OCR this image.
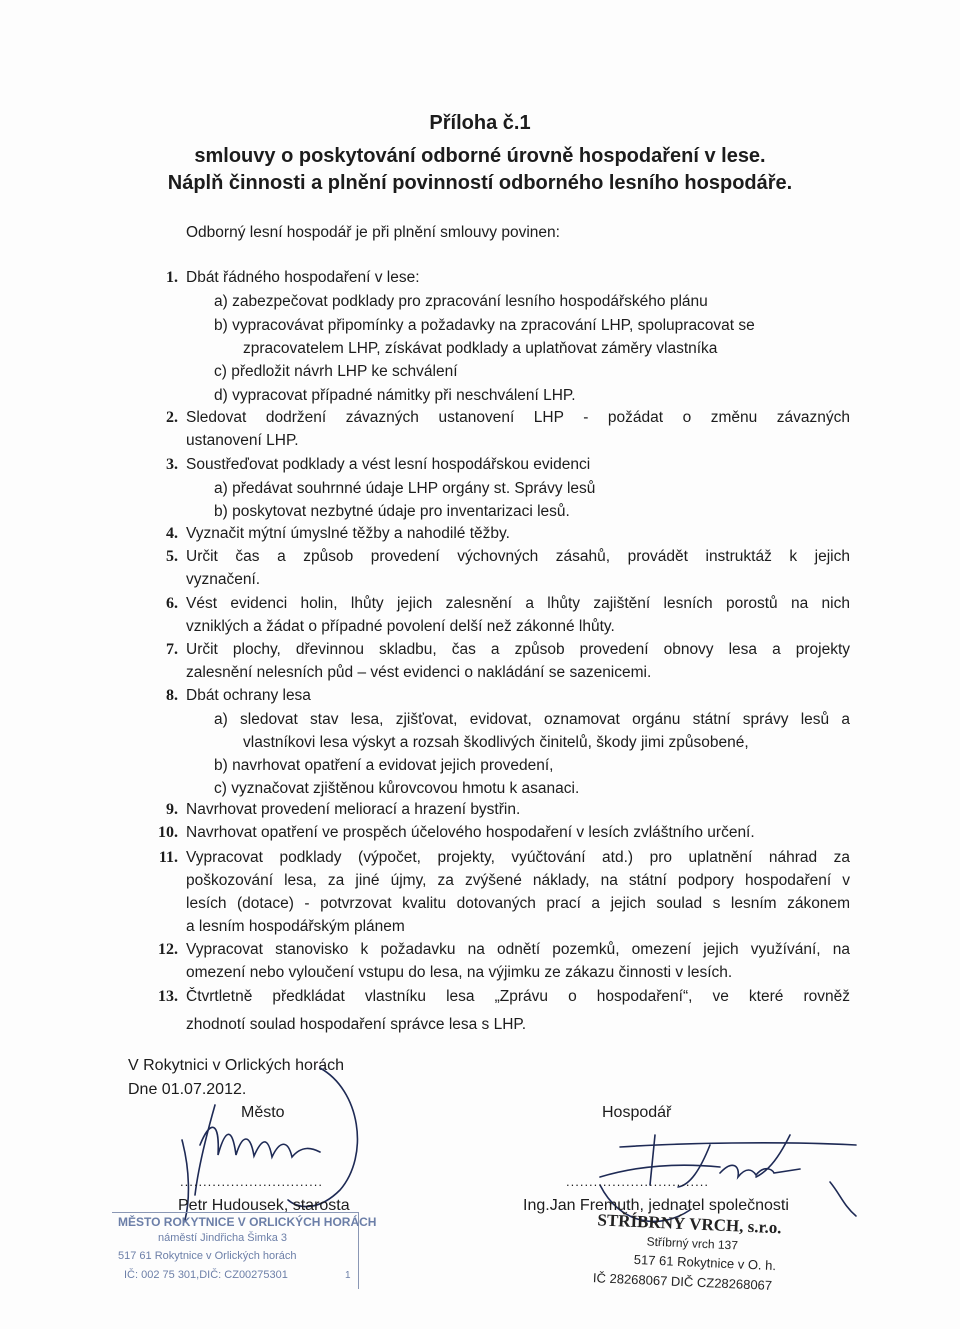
Příloha č.1
smlouvy o poskytování odborné úrovně hospodaření v lese.
Náplň činnosti a plnění povinností odborného lesního hospodáře.
Odborný lesní hospodář je při plnění smlouvy povinen:
1. Dbát řádného hospodaření v lese:
a) zabezpečovat podklady pro zpracování lesního hospodářského plánu
b) vypracovávat připomínky a požadavky na zpracování LHP, spolupracovat se
zpracovatelem LHP, získávat podklady a uplatňovat záměry vlastníka
c) předložit návrh LHP ke schválení
d) vypracovat případné námitky při neschválení LHP.
2. Sledovat dodržení závazných ustanovení LHP - požádat o změnu závazných
ustanovení LHP.
3. Soustřeďovat podklady a vést lesní hospodářskou evidenci
a) předávat souhrnné údaje LHP orgány st. Správy lesů
b) poskytovat nezbytné údaje pro inventarizaci lesů.
4. Vyznačit mýtní úmyslné těžby a nahodilé těžby.
5. Určit čas a způsob provedení výchovných zásahů, provádět instruktáž k jejich
vyznačení.
6. Vést evidenci holin, lhůty jejich zalesnění a lhůty zajištění lesních porostů na nich
vzniklých a žádat o případné povolení delší než zákonné lhůty.
7. Určit plochy, dřevinnou skladbu, čas a způsob provedení obnovy lesa a projekty
zalesnění nelesních půd – vést evidenci o nakládání se sazenicemi.
8. Dbát ochrany lesa
a) sledovat stav lesa, zjišťovat, evidovat, oznamovat orgánu státní správy lesů a
vlastníkovi lesa výskyt a rozsah škodlivých činitelů, škody jimi způsobené,
b) navrhovat opatření a evidovat jejich provedení,
c) vyznačovat zjištěnou kůrovcovou hmotu k asanaci.
9. Navrhovat provedení meliorací a hrazení bystřin.
10. Navrhovat opatření ve prospěch účelového hospodaření v lesích zvláštního určení.
11. Vypracovat podklady (výpočet, projekty, vyúčtování atd.) pro uplatnění náhrad za
poškozování lesa, za jiné újmy, za zvýšené náklady, na státní podpory hospodaření v
lesích (dotace) - potvrzovat kvalitu dotovaných prací a jejich soulad s lesním zákonem
a lesním hospodářským plánem
12. Vypracovat stanovisko k požadavku na odnětí pozemků, omezení jejich využívání, na
omezení nebo vyloučení vstupu do lesa, na výjimku ze zákazu činnosti v lesích.
13. Čtvrtletně předkládat vlastníku lesa „Zprávu o hospodaření“, ve které rovněž
zhodnotí soulad hospodaření správce lesa s LHP.
V Rokytnici v Orlických horách
Dne 01.07.2012.
Město
...............................
Petr Hudousek, starosta
MĚSTO ROKYTNICE V ORLICKÝCH HORÁCH
náměstí Jindřicha Šimka 3
517 61 Rokytnice v Orlických horách
IČ: 002 75 301,DIČ: CZ00275301	1
Hospodář
...............................
Ing.Jan Fremuth, jednatel společnosti
STŘÍBRNÝ VRCH, s.r.o.
Stříbrný vrch 137
517 61 Rokytnice v O. h.
IČ 28268067 DIČ CZ28268067
